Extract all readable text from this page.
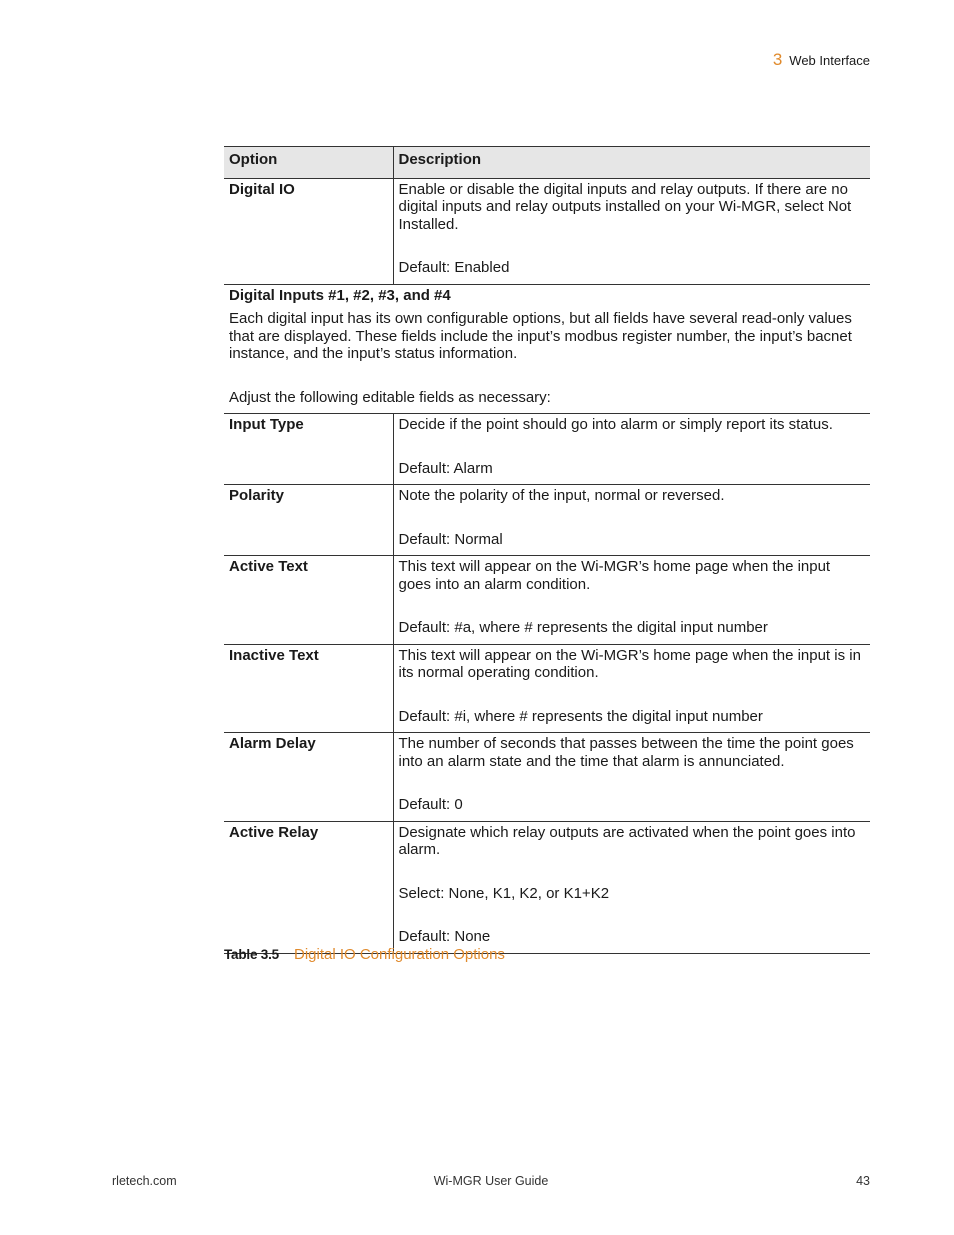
3 Web Interface
Option	Description
Digital IO	Enable or disable the digital inputs and relay outputs. If there are no digital inputs and relay outputs installed on your Wi-MGR, select Not Installed.

Default: Enabled

Digital Inputs #1, #2, #3, and #4

Each digital input has its own configurable options, but all fields have several read-only values that are displayed. These fields include the input’s modbus register number, the input’s bacnet instance, and the input’s status information.

Adjust the following editable fields as necessary:	

Input Type	Decide if the point should go into alarm or simply report its status.

Default: Alarm

Polarity	Note the polarity of the input, normal or reversed.

Default: Normal

Active Text	This text will appear on the Wi-MGR’s home page when the input goes into an alarm condition.

Default: #a, where # represents the digital input number

Inactive Text	This text will appear on the Wi-MGR’s home page when the input is in its normal operating condition.

Default: #i, where # represents the digital input number

Alarm Delay	The number of seconds that passes between the time the point goes into an alarm state and the time that alarm is annunciated.

Default: 0

Active Relay	Designate which relay outputs are activated when the point goes into alarm.

Select: None, K1, K2, or K1+K2

Default: None

Table 3.5 Digital IO Configuration Options
rletech.com	Wi-MGR User Guide	43
